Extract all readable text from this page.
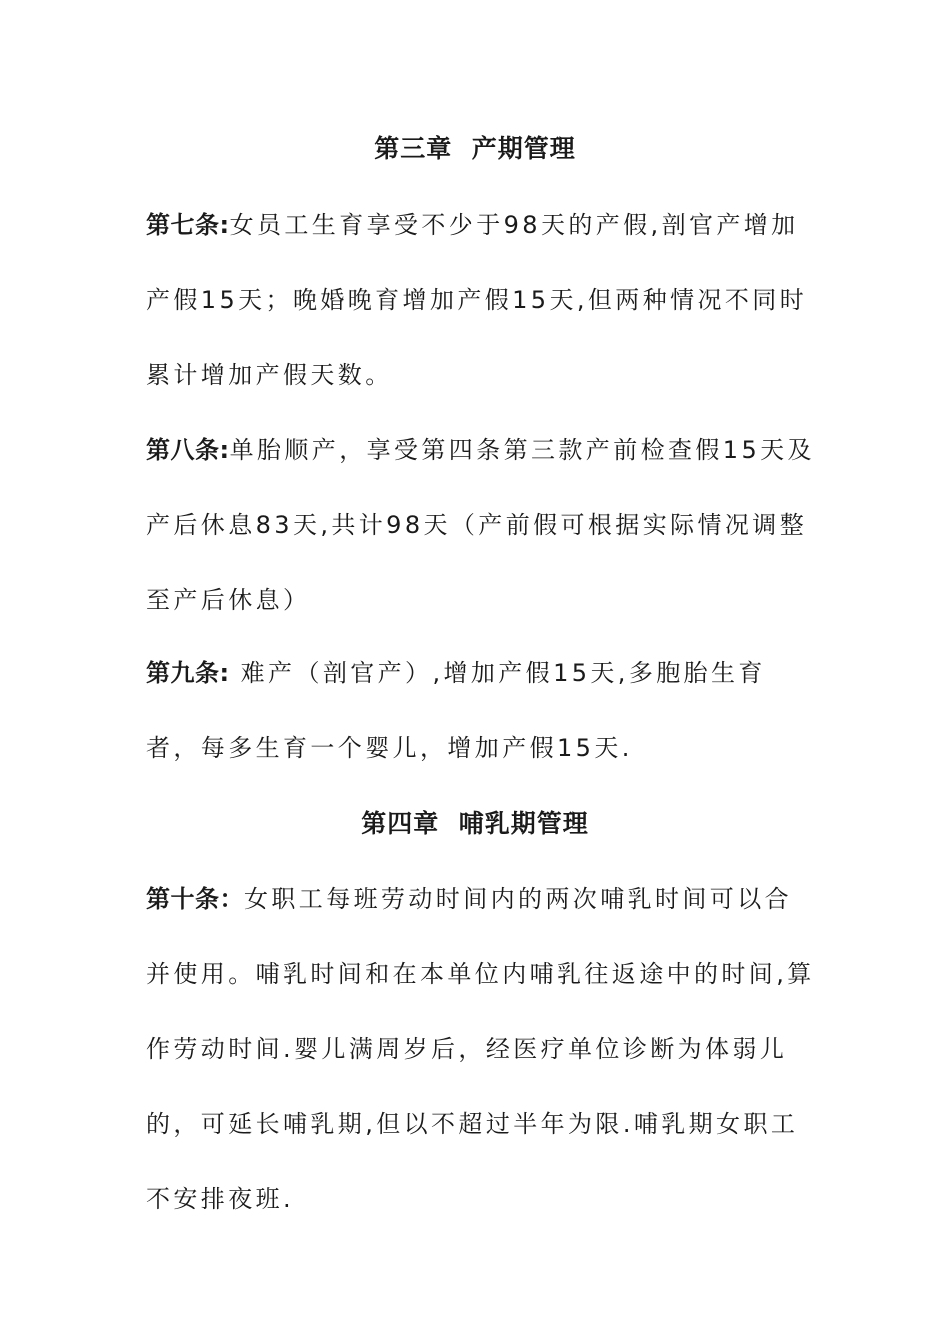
第三章  产期管理

第七条:女员工生育享受不少于98天的产假,剖官产增加产假15天；晚婚晚育增加产假15天,但两种情况不同时累计增加产假天数。

第八条:单胎顺产，享受第四条第三款产前检查假15天及产后休息83天,共计98天（产前假可根据实际情况调整至产后休息）

第九条: 难产（剖官产）,增加产假15天,多胞胎生育者，每多生育一个婴儿，增加产假15天.

第四章  哺乳期管理

第十条：女职工每班劳动时间内的两次哺乳时间可以合并使用。哺乳时间和在本单位内哺乳往返途中的时间,算作劳动时间.婴儿满周岁后，经医疗单位诊断为体弱儿的，可延长哺乳期,但以不超过半年为限.哺乳期女职工不安排夜班.
